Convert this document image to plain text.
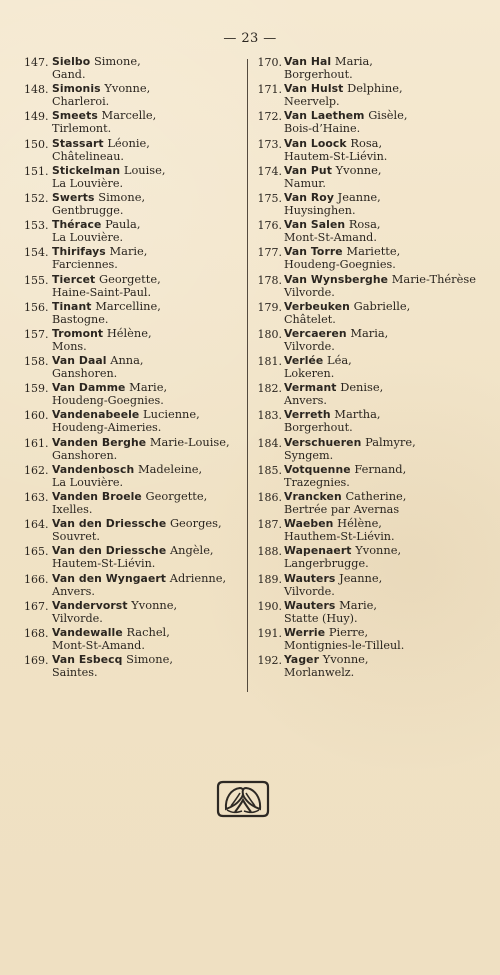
— 23 —
147. Sielbo Simone,
Gand.
148. Simonis Yvonne,
Charleroi.
149. Smeets Marcelle,
Tirlemont.
150. Stassart Léonie,
Châtelineau.
151. Stickelman Louise,
La Louvière.
152. Swerts Simone,
Gentbrugge.
153. Thérace Paula,
La Louvière.
154. Thirifays Marie,
Farciennes.
155. Tiercet Georgette,
Haine-Saint-Paul.
156. Tinant Marcelline,
Bastogne.
157. Tromont Hélène,
Mons.
158. Van Daal Anna,
Ganshoren.
159. Van Damme Marie,
Houdeng-Goegnies.
160. Vandenabeele Lucienne,
Houdeng-Aimeries.
161. Vanden Berghe Marie-Louise,
Ganshoren.
162. Vandenbosch Madeleine,
La Louvière.
163. Vanden Broele Georgette,
Ixelles.
164. Van den Driessche Georges,
Souvret.
165. Van den Driessche Angèle,
Hautem-St-Liévin.
166. Van den Wyngaert Adrienne,
Anvers.
167. Vandervorst Yvonne,
Vilvorde.
168. Vandewalle Rachel,
Mont-St-Amand.
169. Van Esbecq Simone,
Saintes.
170. Van Hal Maria,
Borgerhout.
171. Van Hulst Delphine,
Neervelp.
172. Van Laethem Gisèle,
Bois-d’Haine.
173. Van Loock Rosa,
Hautem-St-Liévin.
174. Van Put Yvonne,
Namur.
175. Van Roy Jeanne,
Huysinghen.
176. Van Salen Rosa,
Mont-St-Amand.
177. Van Torre Mariette,
Houdeng-Goegnies.
178. Van Wynsberghe Marie-Thérèse
Vilvorde.
179. Verbeuken Gabrielle,
Châtelet.
180. Vercaeren Maria,
Vilvorde.
181. Verlée Léa,
Lokeren.
182. Vermant Denise,
Anvers.
183. Verreth Martha,
Borgerhout.
184. Verschueren Palmyre,
Syngem.
185. Votquenne Fernand,
Trazegnies.
186. Vrancken Catherine,
Bertrée par Avernas
187. Waeben Hélène,
Hauthem-St-Liévin.
188. Wapenaert Yvonne,
Langerbrugge.
189. Wauters Jeanne,
Vilvorde.
190. Wauters Marie,
Statte (Huy).
191. Werrie Pierre,
Montignies-le-Tilleul.
192. Yager Yvonne,
Morlanwelz.
